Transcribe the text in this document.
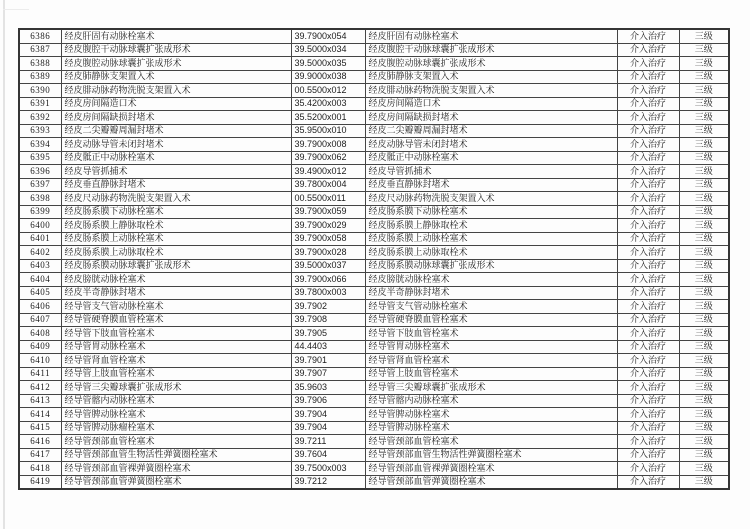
6386	经皮肝固有动脉栓塞术	39.7900x054	经皮肝固有动脉栓塞术	介入治疗	三级
6387	经皮腹腔干动脉球囊扩张成形术	39.5000x034	经皮腹腔干动脉球囊扩张成形术	介入治疗	三级
6388	经皮腹腔动脉球囊扩张成形术	39.5000x035	经皮腹腔动脉球囊扩张成形术	介入治疗	三级
6389	经皮肺静脉支架置入术	39.9000x038	经皮肺静脉支架置入术	介入治疗	三级
6390	经皮腓动脉药物洗脱支架置入术	00.5500x012	经皮腓动脉药物洗脱支架置入术	介入治疗	三级
6391	经皮房间隔造口术	35.4200x003	经皮房间隔造口术	介入治疗	三级
6392	经皮房间隔缺损封堵术	35.5200x001	经皮房间隔缺损封堵术	介入治疗	三级
6393	经皮二尖瓣瓣周漏封堵术	35.9500x010	经皮二尖瓣瓣周漏封堵术	介入治疗	三级
6394	经皮动脉导管未闭封堵术	39.7900x008	经皮动脉导管未闭封堵术	介入治疗	三级
6395	经皮骶正中动脉栓塞术	39.7900x062	经皮骶正中动脉栓塞术	介入治疗	三级
6396	经皮导管抓捕术	39.4900x012	经皮导管抓捕术	介入治疗	三级
6397	经皮垂直静脉封堵术	39.7800x004	经皮垂直静脉封堵术	介入治疗	三级
6398	经皮尺动脉药物洗脱支架置入术	00.5500x011	经皮尺动脉药物洗脱支架置入术	介入治疗	三级
6399	经皮肠系膜下动脉栓塞术	39.7900x059	经皮肠系膜下动脉栓塞术	介入治疗	三级
6400	经皮肠系膜上静脉取栓术	39.7900x029	经皮肠系膜上静脉取栓术	介入治疗	三级
6401	经皮肠系膜上动脉栓塞术	39.7900x058	经皮肠系膜上动脉栓塞术	介入治疗	三级
6402	经皮肠系膜上动脉取栓术	39.7900x028	经皮肠系膜上动脉取栓术	介入治疗	三级
6403	经皮肠系膜动脉球囊扩张成形术	39.5000x037	经皮肠系膜动脉球囊扩张成形术	介入治疗	三级
6404	经皮膀胱动脉栓塞术	39.7900x066	经皮膀胱动脉栓塞术	介入治疗	三级
6405	经皮半奇静脉封堵术	39.7800x003	经皮半奇静脉封堵术	介入治疗	三级
6406	经导管支气管动脉栓塞术	39.7902	经导管支气管动脉栓塞术	介入治疗	三级
6407	经导管硬脊膜血管栓塞术	39.7908	经导管硬脊膜血管栓塞术	介入治疗	三级
6408	经导管下肢血管栓塞术	39.7905	经导管下肢血管栓塞术	介入治疗	三级
6409	经导管胃动脉栓塞术	44.4403	经导管胃动脉栓塞术	介入治疗	三级
6410	经导管肾血管栓塞术	39.7901	经导管肾血管栓塞术	介入治疗	三级
6411	经导管上肢血管栓塞术	39.7907	经导管上肢血管栓塞术	介入治疗	三级
6412	经导管三尖瓣球囊扩张成形术	35.9603	经导管三尖瓣球囊扩张成形术	介入治疗	三级
6413	经导管髂内动脉栓塞术	39.7906	经导管髂内动脉栓塞术	介入治疗	三级
6414	经导管脾动脉栓塞术	39.7904	经导管脾动脉栓塞术	介入治疗	三级
6415	经导管脾动脉瘤栓塞术	39.7904	经导管脾动脉栓塞术	介入治疗	三级
6416	经导管颈部血管栓塞术	39.7211	经导管颈部血管栓塞术	介入治疗	三级
6417	经导管颈部血管生物活性弹簧圈栓塞术	39.7604	经导管颈部血管生物活性弹簧圈栓塞术	介入治疗	三级
6418	经导管颈部血管裸弹簧圈栓塞术	39.7500x003	经导管颈部血管裸弹簧圈栓塞术	介入治疗	三级
6419	经导管颈部血管弹簧圈栓塞术	39.7212	经导管颈部血管弹簧圈栓塞术	介入治疗	三级
